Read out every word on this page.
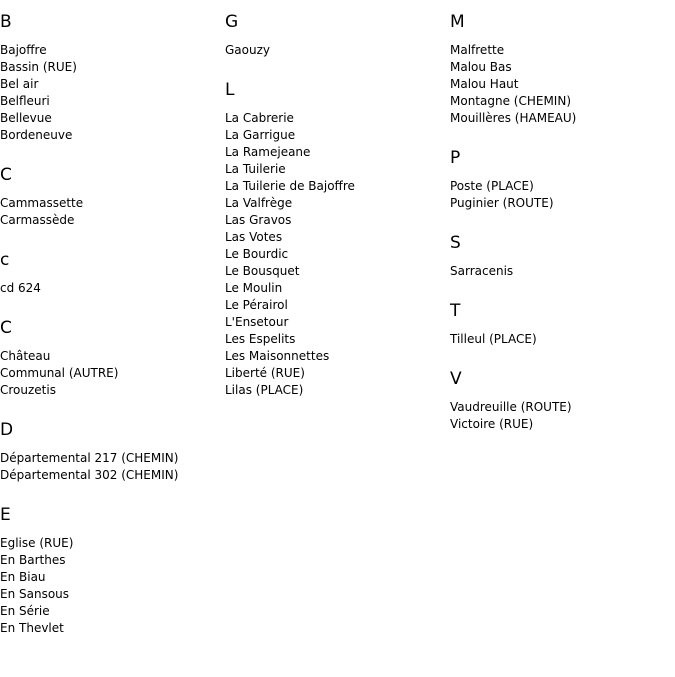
B
Bajoffre
Bassin (RUE)
Bel air
Belfleuri
Bellevue
Bordeneuve
C
Cammassette
Carmassède
c
cd 624
C
Château
Communal (AUTRE)
Crouzetis
D
Départemental 217 (CHEMIN)
Départemental 302 (CHEMIN)
E
Eglise (RUE)
En Barthes
En Biau
En Sansous
En Série
En Thevlet
G
Gaouzy
L
La Cabrerie
La Garrigue
La Ramejeane
La Tuilerie
La Tuilerie de Bajoffre
La Valfrège
Las Gravos
Las Votes
Le Bourdic
Le Bousquet
Le Moulin
Le Pérairol
L'Ensetour
Les Espelits
Les Maisonnettes
Liberté (RUE)
Lilas (PLACE)
M
Malfrette
Malou Bas
Malou Haut
Montagne (CHEMIN)
Mouillères (HAMEAU)
P
Poste (PLACE)
Puginier (ROUTE)
S
Sarracenis
T
Tilleul (PLACE)
V
Vaudreuille (ROUTE)
Victoire (RUE)
